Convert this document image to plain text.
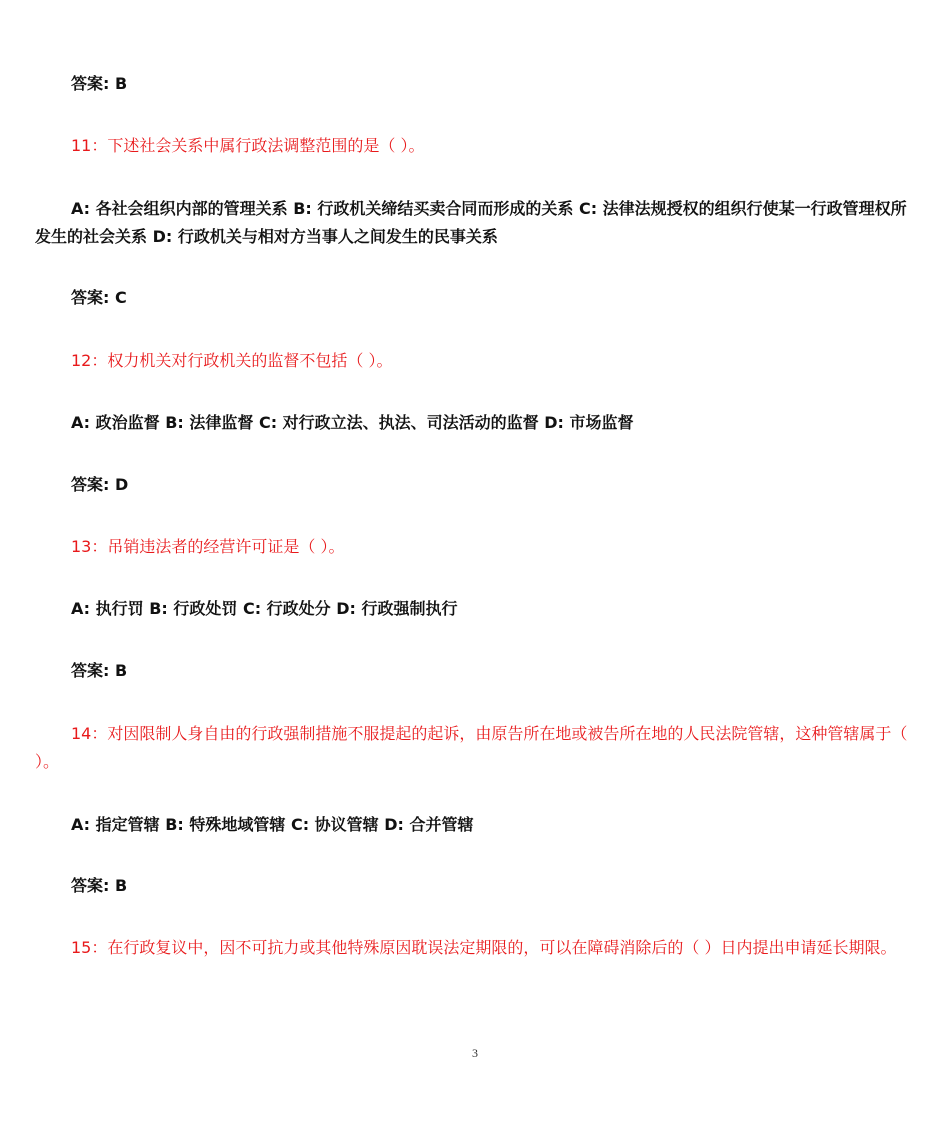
答案: B
11：下述社会关系中属行政法调整范围的是（ ）。
A: 各社会组织内部的管理关系 B: 行政机关缔结买卖合同而形成的关系 C: 法律法规授权的组织行使某一行政管理权所发生的社会关系 D: 行政机关与相对方当事人之间发生的民事关系
答案: C
12：权力机关对行政机关的监督不包括（ ）。
A: 政治监督 B: 法律监督 C: 对行政立法、执法、司法活动的监督 D: 市场监督
答案: D
13：吊销违法者的经营许可证是（ ）。
A: 执行罚 B: 行政处罚 C: 行政处分 D: 行政强制执行
答案: B
14：对因限制人身自由的行政强制措施不服提起的起诉，由原告所在地或被告所在地的人民法院管辖，这种管辖属于（ ）。
A: 指定管辖 B: 特殊地域管辖 C: 协议管辖 D: 合并管辖
答案: B
15：在行政复议中，因不可抗力或其他特殊原因耽误法定期限的，可以在障碍消除后的（ ）日内提出申请延长期限。
3
